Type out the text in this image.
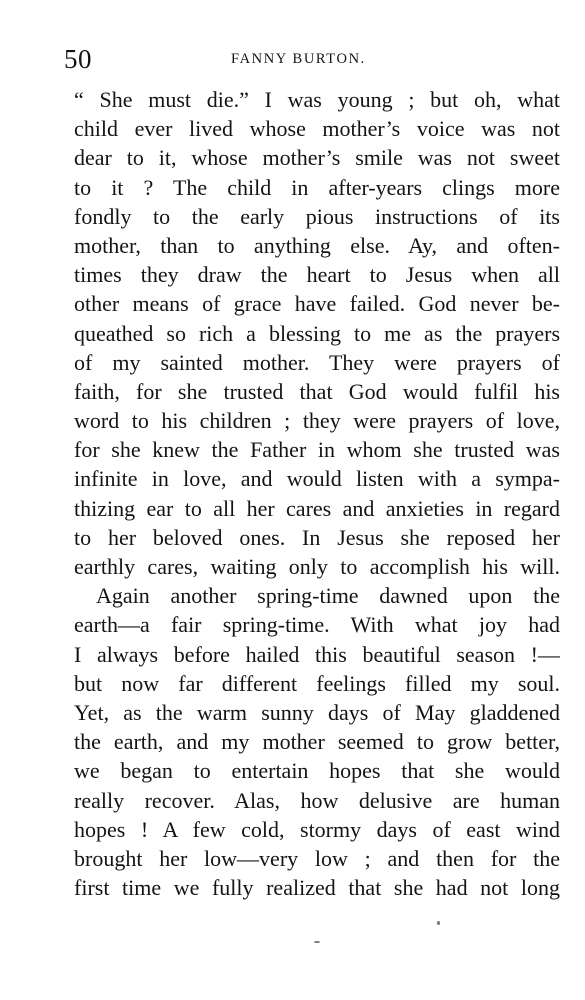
50	FANNY BURTON.
“ She must die.” I was young ; but oh, what
child ever lived whose mother’s voice was not
dear to it, whose mother’s smile was not sweet
to it ? The child in after-years clings more
fondly to the early pious instructions of its
mother, than to anything else. Ay, and often-
times they draw the heart to Jesus when all
other means of grace have failed. God never be-
queathed so rich a blessing to me as the prayers
of my sainted mother. They were prayers of
faith, for she trusted that God would fulfil his
word to his children ; they were prayers of love,
for she knew the Father in whom she trusted was
infinite in love, and would listen with a sympa-
thizing ear to all her cares and anxieties in regard
to her beloved ones. In Jesus she reposed her
earthly cares, waiting only to accomplish his will.
Again another spring-time dawned upon the
earth—a fair spring-time. With what joy had
I always before hailed this beautiful season !—
but now far different feelings filled my soul.
Yet, as the warm sunny days of May gladdened
the earth, and my mother seemed to grow better,
we began to entertain hopes that she would
really recover. Alas, how delusive are human
hopes ! A few cold, stormy days of east wind
brought her low—very low ; and then for the
first time we fully realized that she had not long
